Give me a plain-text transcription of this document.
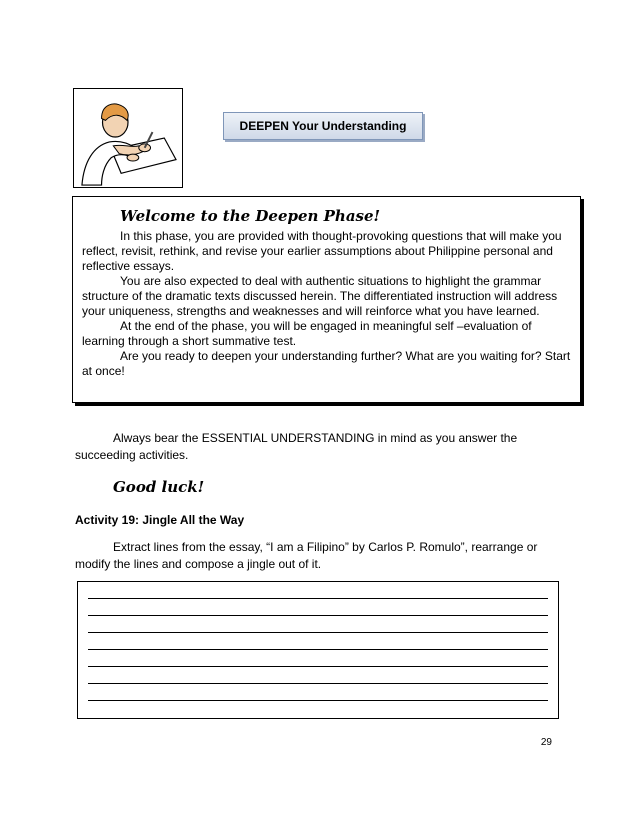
DEEPEN Your Understanding
Welcome to the Deepen Phase!

In this phase, you are provided with thought-provoking questions that will make you reflect, revisit, rethink, and revise your earlier assumptions about Philippine personal and reflective essays.

You are also expected to deal with authentic situations to highlight the grammar structure of the dramatic texts discussed herein. The differentiated instruction will address your uniqueness, strengths and weaknesses and will reinforce what you have learned.

At the end of the phase, you will be engaged in meaningful self –evaluation of learning through a short summative test.

Are you ready to deepen your understanding further? What are you waiting for? Start at once!

Always bear the ESSENTIAL UNDERSTANDING in mind as you answer the succeeding activities.

Good luck!

Activity 19: Jingle All the Way

Extract lines from the essay, “I am a Filipino” by Carlos P. Romulo”, rearrange or modify the lines and compose a jingle out of it.

29
